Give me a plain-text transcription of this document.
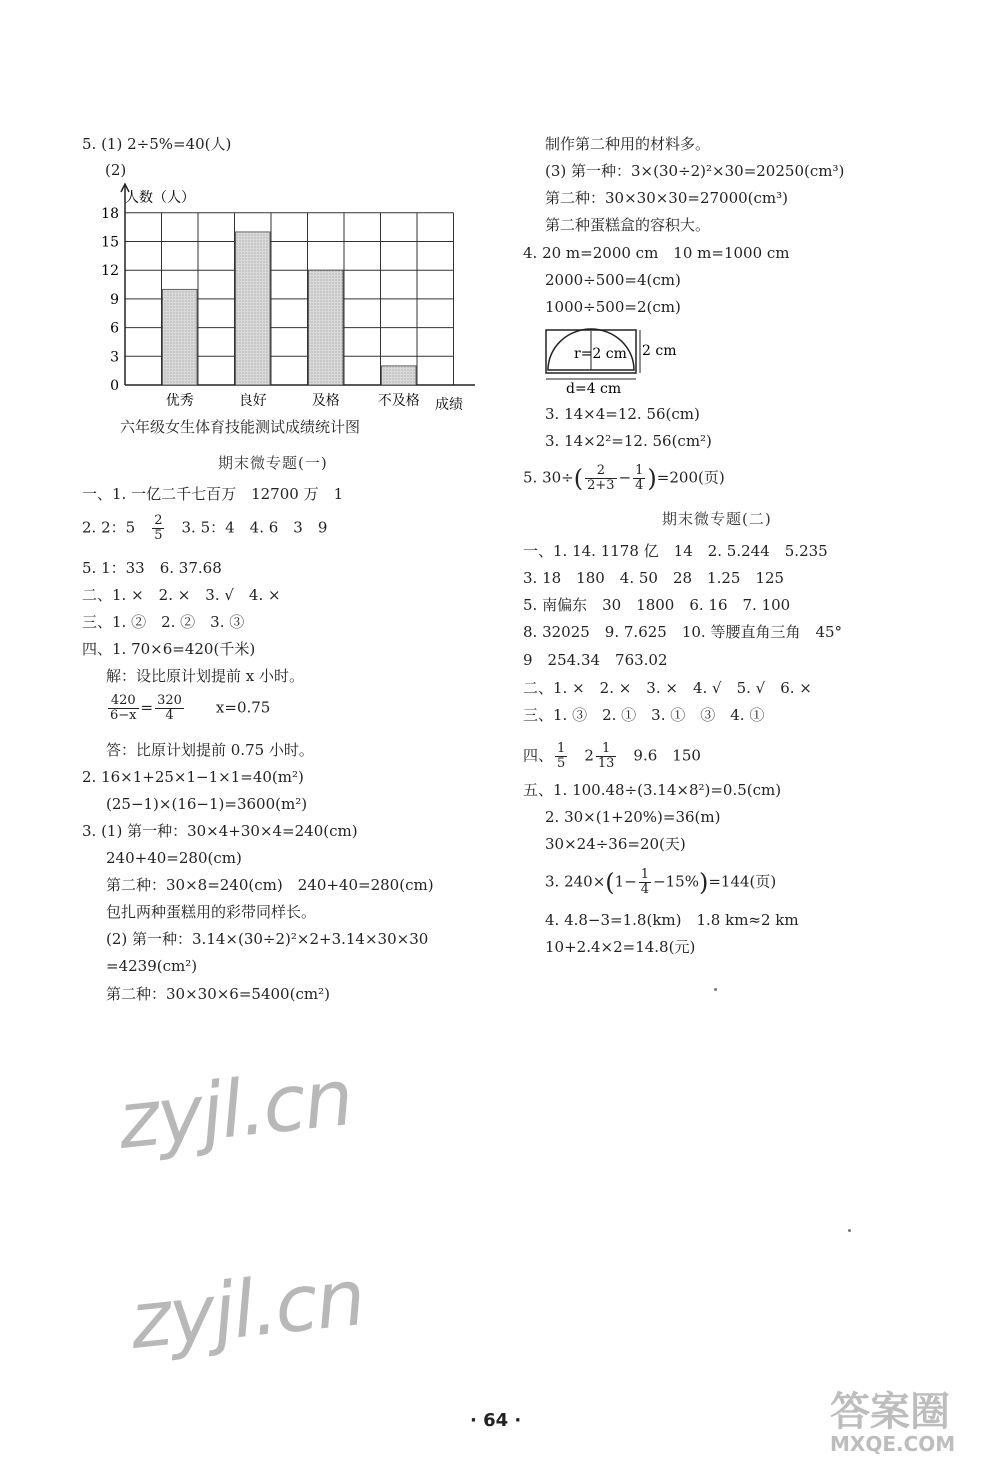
5. (1) 2÷5%=40(人)
(2)
0
3
6
9
12
15
18
优秀	良好	及格	不及格
人数（人）
成绩
六年级女生体育技能测试成绩统计图
期末微专题(一)
一、1. 一亿二千七百万　12700 万　1
2. 2：5　 $\frac{2}{5}$
　 3. 5：4　4. 6　3　9
5. 1：33　6. 37.68
二、1. ×　2. ×　3. √　4. ×
三、1. ②　2. ②　3. ③
四、1. 70×6=420(千米)
解：设比原计划提前 x 小时。
$\frac{420}{6-x} = \frac{320}{4}$
　　 x=0.75
答：比原计划提前 0.75 小时。
2. 16×1+25×1−1×1=40(m²)
(25−1)×(16−1)=3600(m²)
3. (1) 第一种：30×4+30×4=240(cm)
240+40=280(cm)
第二种：30×8=240(cm)　240+40=280(cm)
包扎两种蛋糕用的彩带同样长。
(2) 第一种：3.14×(30÷2)²×2+3.14×30×30
=4239(cm²)
第二种：30×30×6=5400(cm²)
制作第二种用的材料多。
(3) 第一种：3×(30÷2)²×30=20250(cm³)
第二种：30×30×30=27000(cm³)
第二种蛋糕盒的容积大。
4. 20 m=2000 cm　10 m=1000 cm
2000÷500=4(cm)
1000÷500=2(cm)
r=2 cm 2 cm
d=4 cm
3. 14×4=12. 56(cm)
3. 14×2²=12. 56(cm²)
5. $30\div( \frac{2}{2+3} - \frac{1}{4} )=200$(页)
期末微专题(二)
一、1. 14. 1178 亿　14　2. 5.244　5.235
3. 18　180　4. 50　28　1.25　125
5. 南偏东　30　1800　6. 16　7. 100
8. 32025　9. 7.625　10. 等腰直角三角　45°
9　254.34　763.02
二、1. ×　2. ×　3. ×　4. √　5. √　6. ×
三、1. ③　2. ①　3. ①　③　4. ①
四、 $\frac{1}{5}$
　 $2 \frac{1}{13}$
　 9.6　150
五、1. 100.48÷(3.14×8²)=0.5(cm)
2. 30×(1+20%)=36(m)
30×24÷36=20(天)
3. $240\times(1- \frac{1}{4} -15\%)=144$(页)
4. 4.8−3=1.8(km)　1.8 km≈2 km
10+2.4×2=14.8(元)
zyjl.cn
zyjl.cn
· 64 ·	答案圈
MXQE.COM
